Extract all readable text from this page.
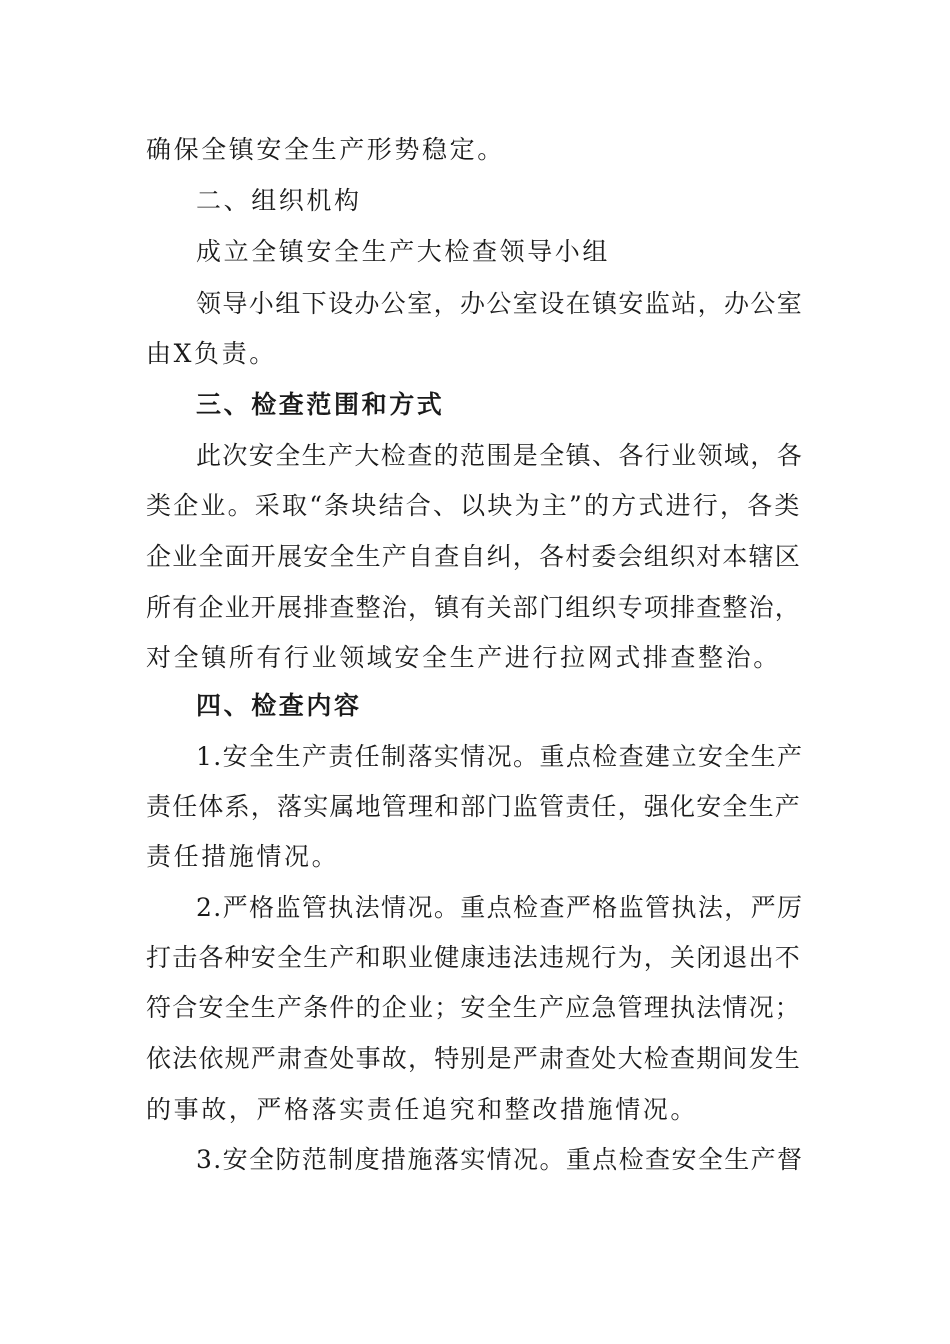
确保全镇安全生产形势稳定。
二、组织机构
成立全镇安全生产大检查领导小组
领导小组下设办公室，办公室设在镇安监站，办公室
由X负责。
三、检查范围和方式
此次安全生产大检查的范围是全镇、各行业领域，各
类企业。采取“条块结合、以块为主”的方式进行，各类
企业全面开展安全生产自查自纠，各村委会组织对本辖区
所有企业开展排查整治，镇有关部门组织专项排查整治，
对全镇所有行业领域安全生产进行拉网式排查整治。
四、检查内容
1.安全生产责任制落实情况。重点检查建立安全生产
责任体系，落实属地管理和部门监管责任，强化安全生产
责任措施情况。
2.严格监管执法情况。重点检查严格监管执法，严厉
打击各种安全生产和职业健康违法违规行为，关闭退出不
符合安全生产条件的企业；安全生产应急管理执法情况；
依法依规严肃查处事故，特别是严肃查处大检查期间发生
的事故，严格落实责任追究和整改措施情况。
3.安全防范制度措施落实情况。重点检查安全生产督
